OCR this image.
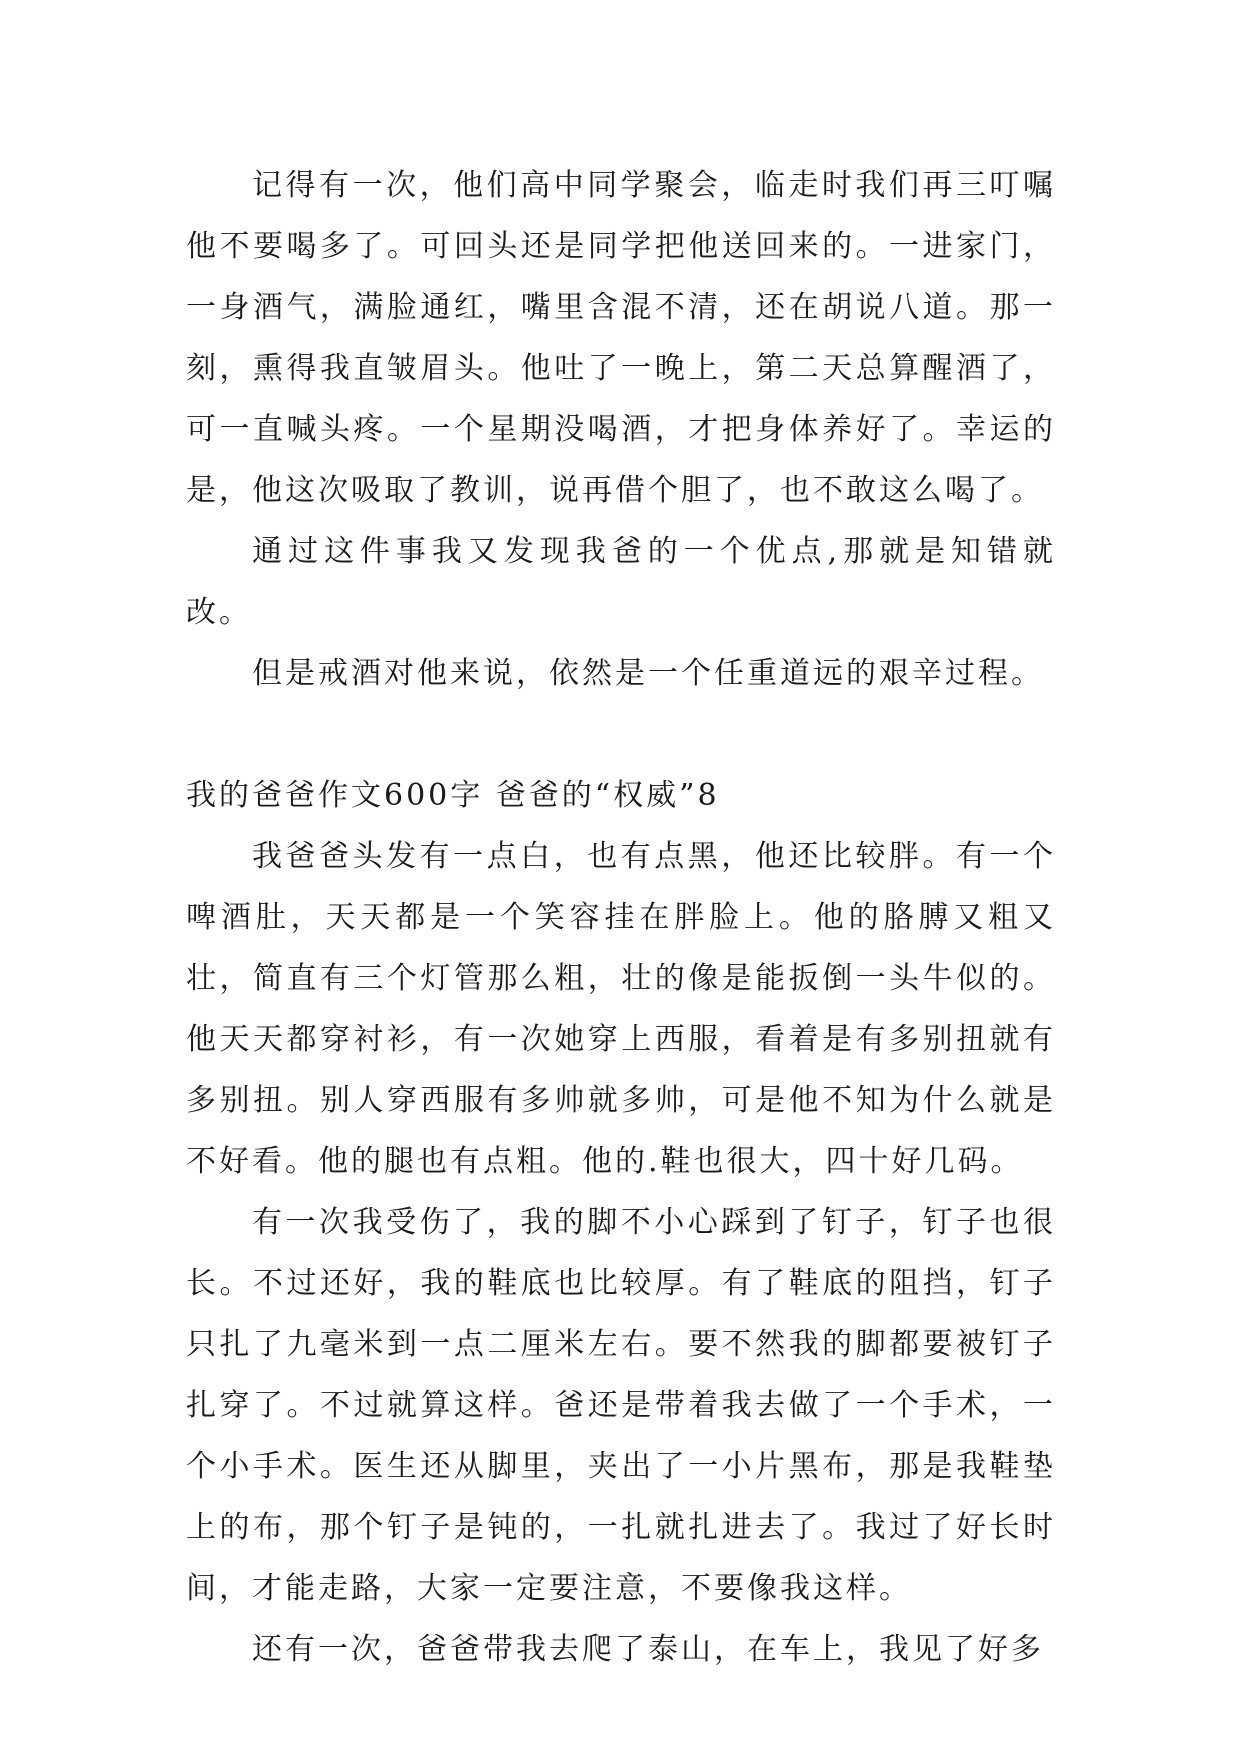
记得有一次，他们高中同学聚会，临走时我们再三叮嘱他不要喝多了。可回头还是同学把他送回来的。一进家门，一身酒气，满脸通红，嘴里含混不清，还在胡说八道。那一刻，熏得我直皱眉头。他吐了一晚上，第二天总算醒酒了，可一直喊头疼。一个星期没喝酒，才把身体养好了。幸运的是，他这次吸取了教训，说再借个胆了，也不敢这么喝了。

通过这件事我又发现我爸的一个优点,那就是知错就改。

但是戒酒对他来说，依然是一个任重道远的艰辛过程。

我的爸爸作文600字 爸爸的“权威”8

我爸爸头发有一点白，也有点黑，他还比较胖。有一个啤酒肚，天天都是一个笑容挂在胖脸上。他的胳膊又粗又壮，简直有三个灯管那么粗，壮的像是能扳倒一头牛似的。他天天都穿衬衫，有一次她穿上西服，看着是有多别扭就有多别扭。别人穿西服有多帅就多帅，可是他不知为什么就是不好看。他的腿也有点粗。他的.鞋也很大，四十好几码。

有一次我受伤了，我的脚不小心踩到了钉子，钉子也很长。不过还好，我的鞋底也比较厚。有了鞋底的阻挡，钉子只扎了九毫米到一点二厘米左右。要不然我的脚都要被钉子扎穿了。不过就算这样。爸还是带着我去做了一个手术，一个小手术。医生还从脚里，夹出了一小片黑布，那是我鞋垫上的布，那个钉子是钝的，一扎就扎进去了。我过了好长时间，才能走路，大家一定要注意，不要像我这样。

还有一次，爸爸带我去爬了泰山，在车上，我见了好多
